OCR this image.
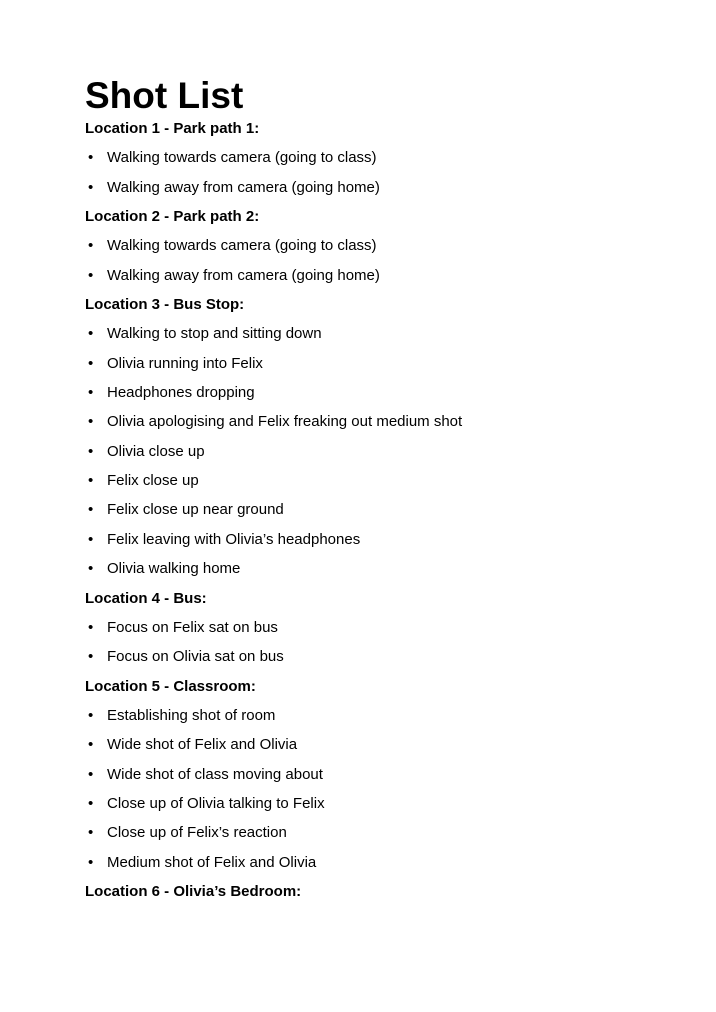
Shot List
Location 1 - Park path 1:
• Walking towards camera (going to class)
• Walking away from camera (going home)
Location 2 - Park path 2:
• Walking towards camera (going to class)
• Walking away from camera (going home)
Location 3 - Bus Stop:
• Walking to stop and sitting down
• Olivia running into Felix
• Headphones dropping
• Olivia apologising and Felix freaking out medium shot
• Olivia close up
• Felix close up
• Felix close up near ground
• Felix leaving with Olivia’s headphones
• Olivia walking home
Location 4 - Bus:
• Focus on Felix sat on bus
• Focus on Olivia sat on bus
Location 5 - Classroom:
• Establishing shot of room
• Wide shot of Felix and Olivia
• Wide shot of class moving about
• Close up of Olivia talking to Felix
• Close up of Felix’s reaction
• Medium shot of Felix and Olivia
Location 6 - Olivia’s Bedroom:
